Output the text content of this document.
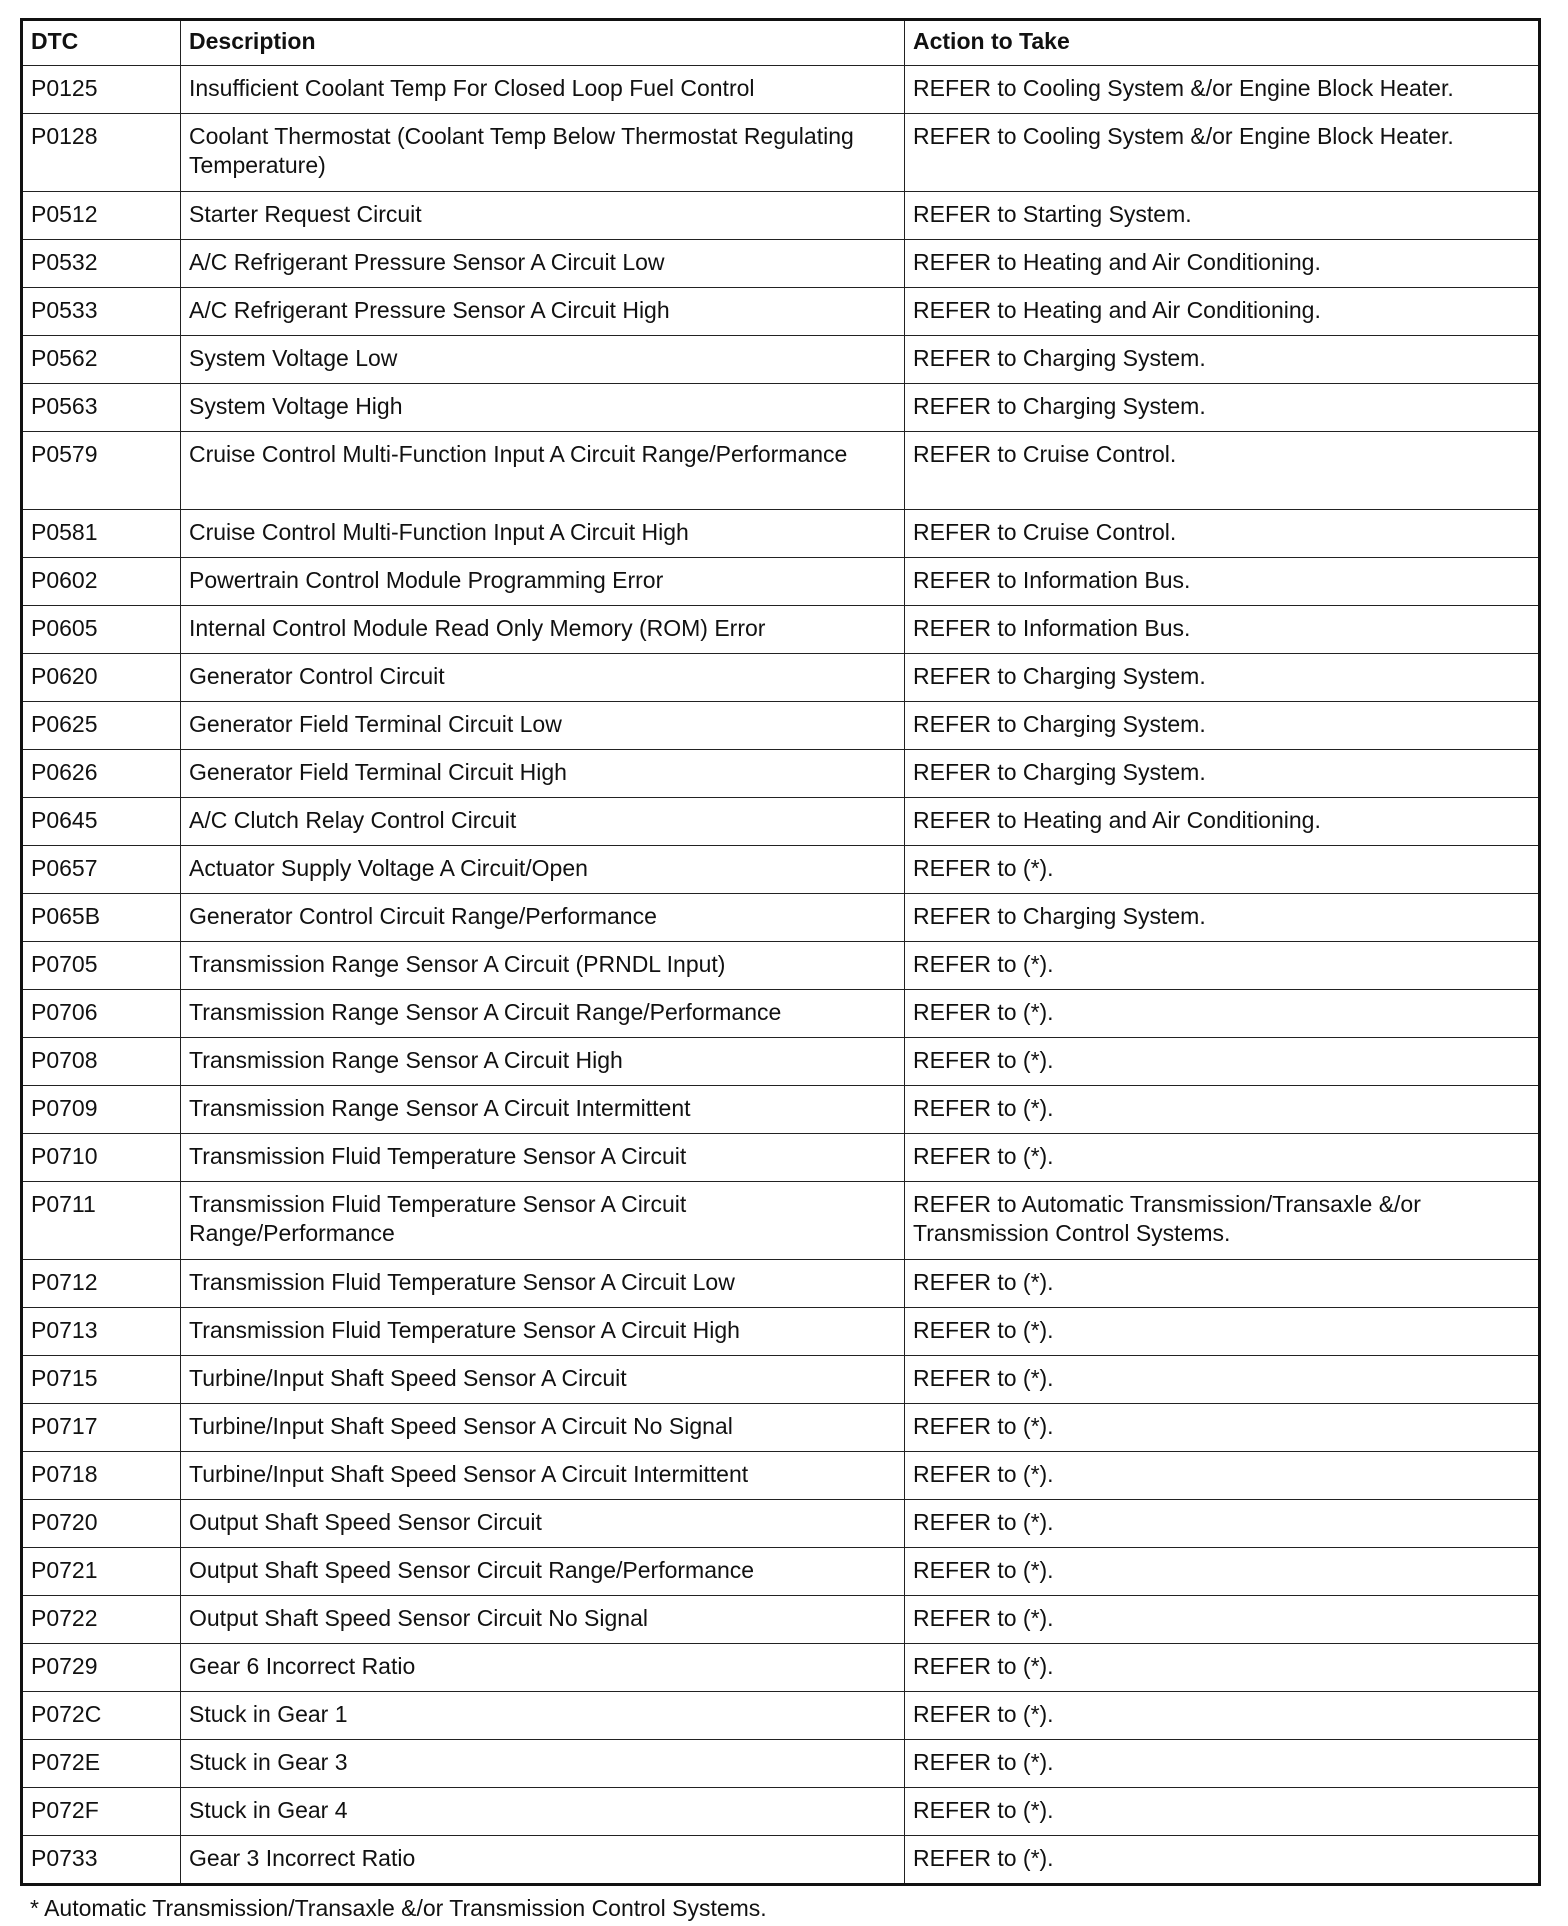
DTC	Description	Action to Take
P0125	Insufficient Coolant Temp For Closed Loop Fuel Control	REFER to Cooling System &/or Engine Block Heater.
P0128	Coolant Thermostat (Coolant Temp Below Thermostat Regulating Temperature)	REFER to Cooling System &/or Engine Block Heater.
P0512	Starter Request Circuit	REFER to Starting System.
P0532	A/C Refrigerant Pressure Sensor A Circuit Low	REFER to Heating and Air Conditioning.
P0533	A/C Refrigerant Pressure Sensor A Circuit High	REFER to Heating and Air Conditioning.
P0562	System Voltage Low	REFER to Charging System.
P0563	System Voltage High	REFER to Charging System.
P0579	Cruise Control Multi-Function Input A Circuit Range/Performance	REFER to Cruise Control.
P0581	Cruise Control Multi-Function Input A Circuit High	REFER to Cruise Control.
P0602	Powertrain Control Module Programming Error	REFER to Information Bus.
P0605	Internal Control Module Read Only Memory (ROM) Error	REFER to Information Bus.
P0620	Generator Control Circuit	REFER to Charging System.
P0625	Generator Field Terminal Circuit Low	REFER to Charging System.
P0626	Generator Field Terminal Circuit High	REFER to Charging System.
P0645	A/C Clutch Relay Control Circuit	REFER to Heating and Air Conditioning.
P0657	Actuator Supply Voltage A Circuit/Open	REFER to (*).
P065B	Generator Control Circuit Range/Performance	REFER to Charging System.
P0705	Transmission Range Sensor A Circuit (PRNDL Input)	REFER to (*).
P0706	Transmission Range Sensor A Circuit Range/Performance	REFER to (*).
P0708	Transmission Range Sensor A Circuit High	REFER to (*).
P0709	Transmission Range Sensor A Circuit Intermittent	REFER to (*).
P0710	Transmission Fluid Temperature Sensor A Circuit	REFER to (*).
P0711	Transmission Fluid Temperature Sensor A Circuit Range/Performance	REFER to Automatic Transmission/Transaxle &/or Transmission Control Systems.
P0712	Transmission Fluid Temperature Sensor A Circuit Low	REFER to (*).
P0713	Transmission Fluid Temperature Sensor A Circuit High	REFER to (*).
P0715	Turbine/Input Shaft Speed Sensor A Circuit	REFER to (*).
P0717	Turbine/Input Shaft Speed Sensor A Circuit No Signal	REFER to (*).
P0718	Turbine/Input Shaft Speed Sensor A Circuit Intermittent	REFER to (*).
P0720	Output Shaft Speed Sensor Circuit	REFER to (*).
P0721	Output Shaft Speed Sensor Circuit Range/Performance	REFER to (*).
P0722	Output Shaft Speed Sensor Circuit No Signal	REFER to (*).
P0729	Gear 6 Incorrect Ratio	REFER to (*).
P072C	Stuck in Gear 1	REFER to (*).
P072E	Stuck in Gear 3	REFER to (*).
P072F	Stuck in Gear 4	REFER to (*).
P0733	Gear 3 Incorrect Ratio	REFER to (*).
* Automatic Transmission/Transaxle &/or Transmission Control Systems.
